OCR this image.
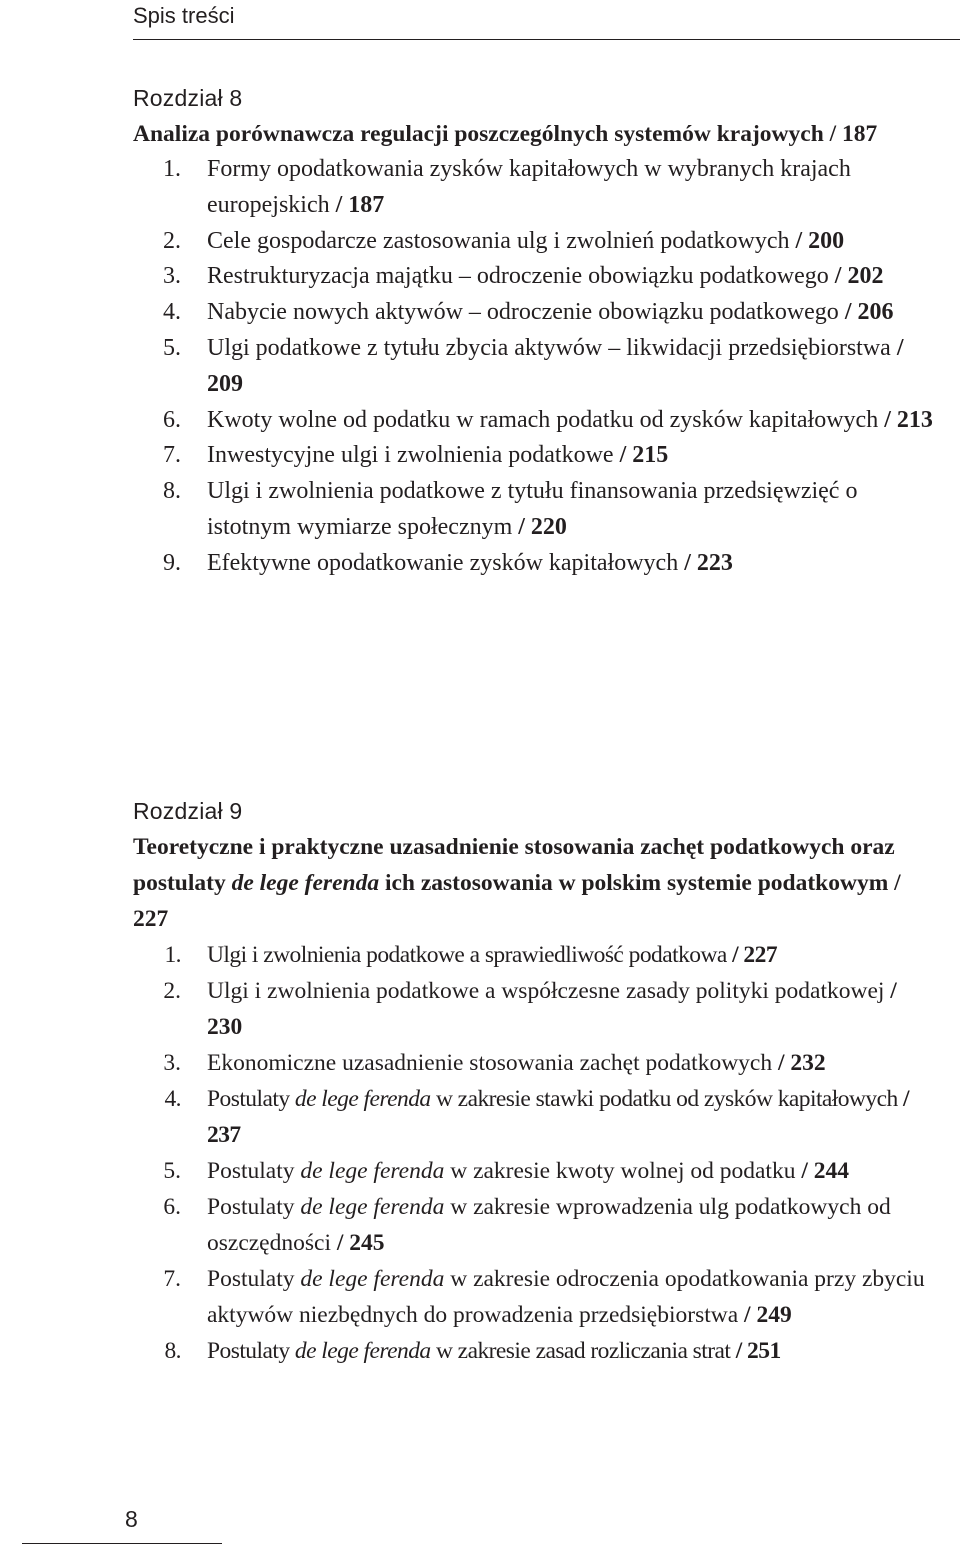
Spis treści
Rozdział 8
Analiza porównawcza regulacji poszczególnych systemów krajowych / 187
1. Formy opodatkowania zysków kapitałowych w wybranych krajach europejskich / 187
2. Cele gospodarcze zastosowania ulg i zwolnień podatkowych / 200
3. Restrukturyzacja majątku – odroczenie obowiązku podatkowego / 202
4. Nabycie nowych aktywów – odroczenie obowiązku podatkowego / 206
5. Ulgi podatkowe z tytułu zbycia aktywów – likwidacji przedsiębiorstwa / 209
6. Kwoty wolne od podatku w ramach podatku od zysków kapitałowych / 213
7. Inwestycyjne ulgi i zwolnienia podatkowe / 215
8. Ulgi i zwolnienia podatkowe z tytułu finansowania przedsięwzięć o istotnym wymiarze społecznym / 220
9. Efektywne opodatkowanie zysków kapitałowych / 223
Rozdział 9
Teoretyczne i praktyczne uzasadnienie stosowania zachęt podatkowych oraz postulaty de lege ferenda ich zastosowania w polskim systemie podatkowym / 227
1. Ulgi i zwolnienia podatkowe a sprawiedliwość podatkowa / 227
2. Ulgi i zwolnienia podatkowe a współczesne zasady polityki podatkowej / 230
3. Ekonomiczne uzasadnienie stosowania zachęt podatkowych / 232
4. Postulaty de lege ferenda w zakresie stawki podatku od zysków kapitałowych / 237
5. Postulaty de lege ferenda w zakresie kwoty wolnej od podatku / 244
6. Postulaty de lege ferenda w zakresie wprowadzenia ulg podatkowych od oszczędności / 245
7. Postulaty de lege ferenda w zakresie odroczenia opodatkowania przy zbyciu aktywów niezbędnych do prowadzenia przedsiębiorstwa / 249
8. Postulaty de lege ferenda w zakresie zasad rozliczania strat / 251
8
